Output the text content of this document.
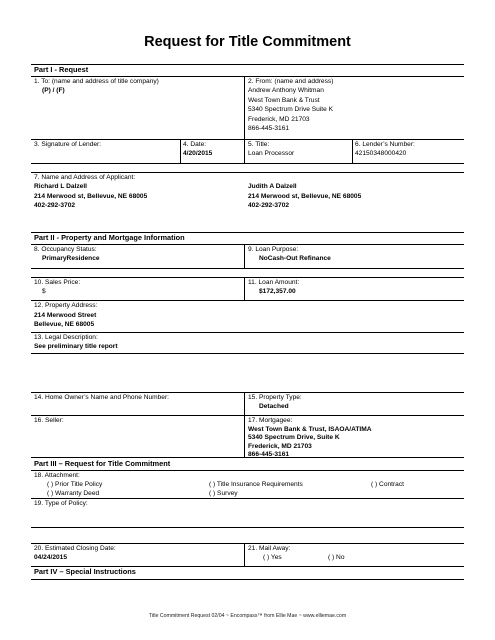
Request for Title Commitment
Part I - Request
1. To: (name and address of title company)
(P) / (F)
2. From: (name and address)
Andrew Anthony Whitman
West Town Bank & Trust
5340 Spectrum Drive Suite K
Frederick, MD 21703
866-445-3161
3. Signature of Lender:	4. Date:
4/20/2015
5. Title:
Loan Processor
6. Lender’s Number:
42150348000420
7. Name and Address of Applicant:
Richard L Dalzell
214 Merwood st, Bellevue, NE 68005
402-292-3702
Judith A Dalzell
214 Merwood st, Bellevue, NE 68005
402-292-3702
Part II - Property and Mortgage Information
8. Occupancy Status:
PrimaryResidence
9. Loan Purpose:
NoCash-Out Refinance
10. Sales Price:
$
11. Loan Amount:
$172,357.00
12. Property Address:
214 Merwood Street
Bellevue, NE 68005
13. Legal Description:
See preliminary title report
14. Home Owner’s Name and Phone Number:	15. Property Type:
Detached
16. Seller:	17. Mortgagee:
West Town Bank & Trust, ISAOA/ATIMA
5340 Spectrum Drive, Suite K
Frederick, MD 21703
866-445-3161
Part III – Request for Title Commitment
18. Attachment:
( ) Prior Title Policy	( ) Title Insurance Requirements	( ) Contract
( ) Warranty Deed	( ) Survey
19. Type of Policy:
20. Estimated Closing Date:
04/24/2015
21. Mail Away:
( ) Yes	( ) No
Part IV – Special Instructions
Title Commitment Request 02/04 ~ Encompass™ from Ellie Mae ~ www.elliemae.com
